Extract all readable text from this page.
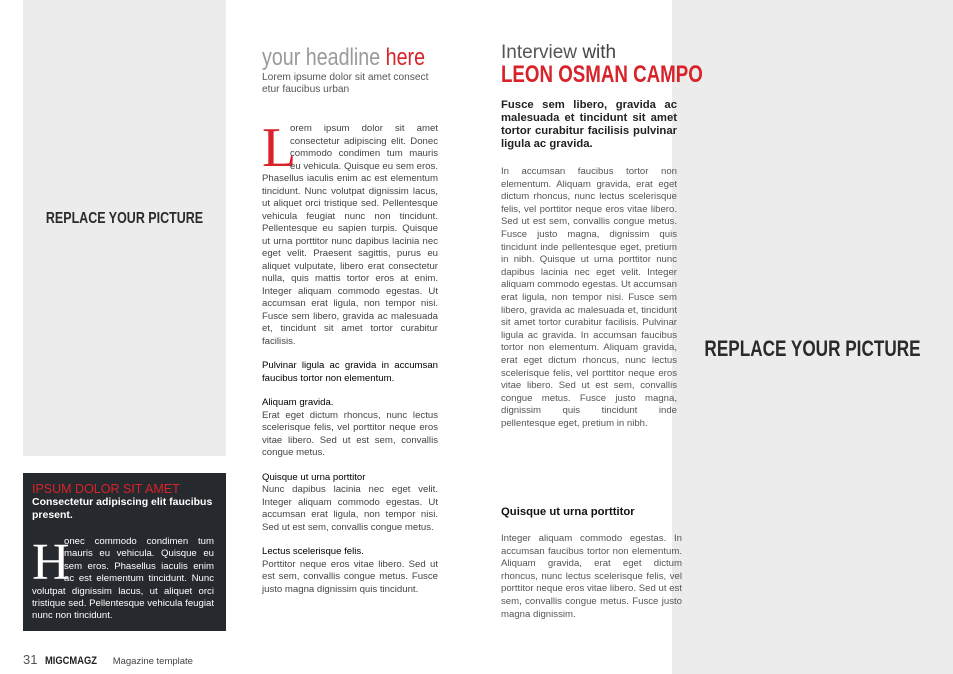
REPLACE YOUR PICTURE
IPSUM DOLOR SIT AMET
Consectetur adipiscing elit faucibus present.
H
onec commodo condimen tum mauris eu vehicula. Quisque eu sem eros. Phasellus iaculis enim ac est elementum tincidunt. Nunc volutpat dignissim lacus, ut aliquet orci tristique sed. Pellentesque vehicula feugiat nunc non tincidunt.
your headline here
Lorem ipsume dolor sit amet consect etur faucibus urban

L
orem ipsum dolor sit amet consectetur adipiscing elit. Donec commodo condimen tum mauris eu vehicula. Quisque eu sem eros. Phasellus iaculis enim ac est elementum tincidunt. Nunc volutpat dignissim lacus, ut aliquet orci tristique sed. Pellentesque vehicula feugiat nunc non tincidunt. Pellentesque eu sapien turpis. Quisque ut urna porttitor nunc dapibus lacinia nec eget velit. Praesent sagittis, purus eu aliquet vulputate, libero erat consectetur nulla, quis mattis tortor eros at enim. Integer aliquam commodo egestas. Ut accumsan erat ligula, non tempor nisi. Fusce sem libero, gravida ac malesuada et, tincidunt sit amet tortor curabitur facilisis.

Pulvinar ligula ac gravida in accumsan faucibus tortor non elementum.

Aliquam gravida.
Erat eget dictum rhoncus, nunc lectus scelerisque felis, vel porttitor neque eros vitae libero. Sed ut est sem, convallis congue metus.

Quisque ut urna porttitor
Nunc dapibus lacinia nec eget velit. Integer aliquam commodo egestas. Ut accumsan erat ligula, non tempor nisi. Sed ut est sem, convallis congue metus.

Lectus scelerisque felis.
Porttitor neque eros vitae libero. Sed ut est sem, convallis congue metus. Fusce justo magna dignissim quis tincidunt.

REPLACE YOUR PICTURE
Interview with
LEON OSMAN CAMPO
Fusce sem libero, gravida ac malesuada et tincidunt sit amet tortor curabitur facilisis pulvinar ligula ac gravida.
In accumsan faucibus tortor non elementum. Aliquam gravida, erat eget dictum rhoncus, nunc lectus scelerisque felis, vel porttitor neque eros vitae libero. Sed ut est sem, convallis congue metus. Fusce justo magna, dignissim quis tincidunt inde pellentesque eget, pretium in nibh. Quisque ut urna porttitor nunc dapibus lacinia nec eget velit. Integer aliquam commodo egestas. Ut accumsan erat ligula, non tempor nisi. Fusce sem libero, gravida ac malesuada et, tincidunt sit amet tortor curabitur facilisis. Pulvinar ligula ac gravida. In accumsan faucibus tortor non elementum. Aliquam gravida, erat eget dictum rhoncus, nunc lectus scelerisque felis, vel porttitor neque eros vitae libero. Sed ut est sem, convallis congue metus. Fusce justo magna, dignissim quis tincidunt inde pellentesque eget, pretium in nibh.
Quisque ut urna porttitor
Integer aliquam commodo egestas. In accumsan faucibus tortor non elementum. Aliquam gravida, erat eget dictum rhoncus, nunc lectus scelerisque felis, vel porttitor neque eros vitae libero. Sed ut est sem, convallis congue metus. Fusce justo magna dignissim.
31 MIGCMAGZ Magazine template
